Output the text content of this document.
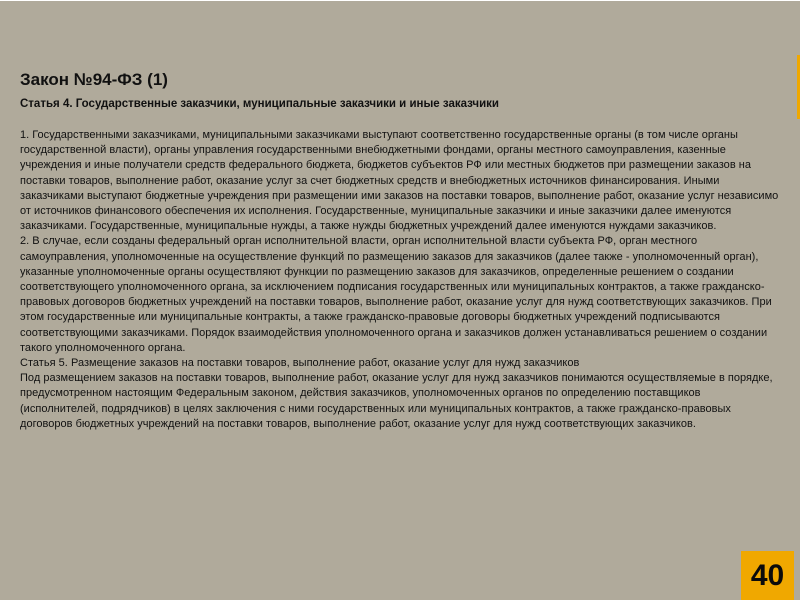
Закон №94-ФЗ (1)
Статья 4. Государственные заказчики, муниципальные заказчики и иные заказчики

1. Государственными заказчиками, муниципальными заказчиками выступают соответственно государственные органы (в том числе органы государственной власти), органы управления государственными внебюджетными фондами, органы местного самоуправления, казенные учреждения и иные получатели средств федерального бюджета, бюджетов субъектов РФ или местных бюджетов при размещении заказов на поставки товаров, выполнение работ, оказание услуг за счет бюджетных средств и внебюджетных источников финансирования. Иными заказчиками выступают бюджетные учреждения при размещении ими заказов на поставки товаров, выполнение работ, оказание услуг независимо от источников финансового обеспечения их исполнения. Государственные, муниципальные заказчики и иные заказчики далее именуются заказчиками. Государственные, муниципальные нужды, а также нужды бюджетных учреждений далее именуются нуждами заказчиков.

2. В случае, если созданы федеральный орган исполнительной власти, орган исполнительной власти субъекта РФ, орган местного самоуправления, уполномоченные на осуществление функций по размещению заказов для заказчиков (далее также - уполномоченный орган), указанные уполномоченные органы осуществляют функции по размещению заказов для заказчиков, определенные решением о создании соответствующего уполномоченного органа, за исключением подписания государственных или муниципальных контрактов, а также гражданско-правовых договоров бюджетных учреждений на поставки товаров, выполнение работ, оказание услуг для нужд соответствующих заказчиков. При этом государственные или муниципальные контракты, а также гражданско-правовые договоры бюджетных учреждений подписываются соответствующими заказчиками. Порядок взаимодействия уполномоченного органа и заказчиков должен устанавливаться решением о создании такого уполномоченного органа.

Статья 5. Размещение заказов на поставки товаров, выполнение работ, оказание услуг для нужд заказчиков

Под размещением заказов на поставки товаров, выполнение работ, оказание услуг для нужд заказчиков понимаются осуществляемые в порядке, предусмотренном настоящим Федеральным законом, действия заказчиков, уполномоченных органов по определению поставщиков (исполнителей, подрядчиков) в целях заключения с ними государственных или муниципальных контрактов, а также гражданско-правовых договоров бюджетных учреждений на поставки товаров, выполнение работ, оказание услуг для нужд соответствующих заказчиков.

40
